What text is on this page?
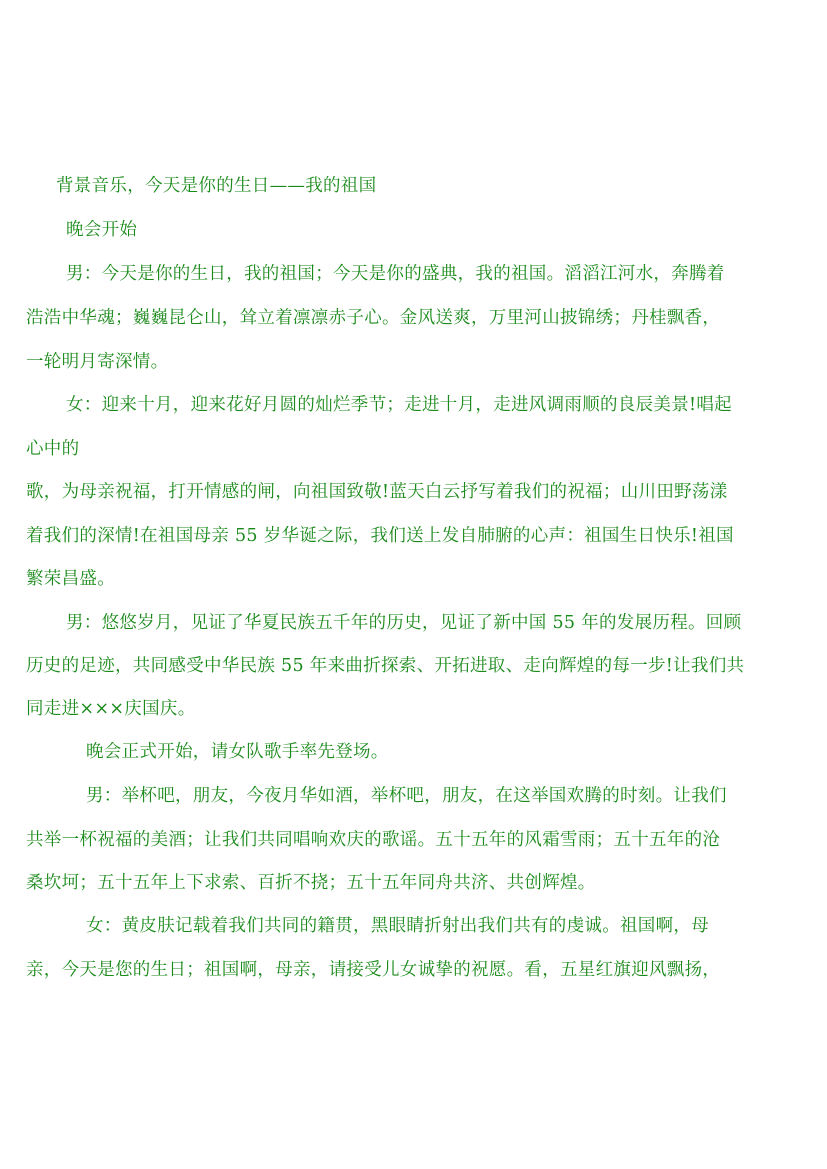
背景音乐，今天是你的生日——我的祖国
晚会开始
男：今天是你的生日，我的祖国；今天是你的盛典，我的祖国。滔滔江河水，奔腾着
浩浩中华魂；巍巍昆仑山，耸立着凛凛赤子心。金风送爽，万里河山披锦绣；丹桂飘香，
一轮明月寄深情。
女：迎来十月，迎来花好月圆的灿烂季节；走进十月，走进风调雨顺的良辰美景!唱起
心中的
歌，为母亲祝福，打开情感的闸，向祖国致敬!蓝天白云抒写着我们的祝福；山川田野荡漾
着我们的深情!在祖国母亲 55 岁华诞之际，我们送上发自肺腑的心声：祖国生日快乐!祖国
繁荣昌盛。
男：悠悠岁月，见证了华夏民族五千年的历史，见证了新中国 55 年的发展历程。回顾
历史的足迹，共同感受中华民族 55 年来曲折探索、开拓进取、走向辉煌的每一步!让我们共
同走进×××庆国庆。
晚会正式开始，请女队歌手率先登场。
男：举杯吧，朋友，今夜月华如酒，举杯吧，朋友，在这举国欢腾的时刻。让我们
共举一杯祝福的美酒；让我们共同唱响欢庆的歌谣。五十五年的风霜雪雨；五十五年的沧
桑坎坷；五十五年上下求索、百折不挠；五十五年同舟共济、共创辉煌。
女：黄皮肤记载着我们共同的籍贯，黑眼睛折射出我们共有的虔诚。祖国啊，母
亲，今天是您的生日；祖国啊，母亲，请接受儿女诚挚的祝愿。看，五星红旗迎风飘扬，
